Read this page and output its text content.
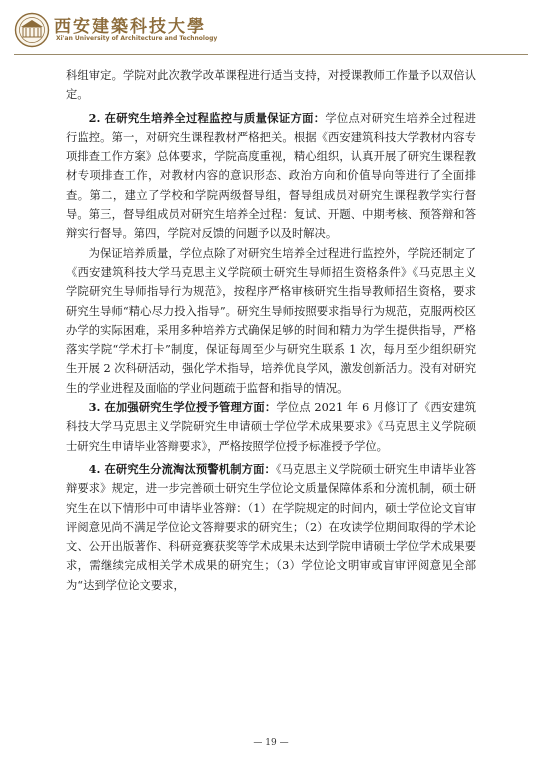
西安建築科技大學
Xi'an University of Architecture and Technology

科组审定。学院对此次教学改革课程进行适当支持，对授课教师工作量予以双倍认定。

2. 在研究生培养全过程监控与质量保证方面：学位点对研究生培养全过程进行监控。第一，对研究生课程教材严格把关。根据《西安建筑科技大学教材内容专项排查工作方案》总体要求，学院高度重视，精心组织，认真开展了研究生课程教材专项排查工作，对教材内容的意识形态、政治方向和价值导向等进行了全面排查。第二，建立了学校和学院两级督导组，督导组成员对研究生课程教学实行督导。第三，督导组成员对研究生培养全过程：复试、开题、中期考核、预答辩和答辩实行督导。第四，学院对反馈的问题予以及时解决。

为保证培养质量，学位点除了对研究生培养全过程进行监控外，学院还制定了《西安建筑科技大学马克思主义学院硕士研究生导师招生资格条件》《马克思主义学院研究生导师指导行为规范》，按程序严格审核研究生指导教师招生资格，要求研究生导师“精心尽力投入指导”。研究生导师按照要求指导行为规范，克服两校区办学的实际困难，采用多种培养方式确保足够的时间和精力为学生提供指导，严格落实学院“学术打卡”制度，保证每周至少与研究生联系 1 次，每月至少组织研究生开展 2 次科研活动，强化学术指导，培养优良学风，激发创新活力。没有对研究生的学业进程及面临的学业问题疏于监督和指导的情况。

3. 在加强研究生学位授予管理方面：学位点 2021 年 6 月修订了《西安建筑科技大学马克思主义学院研究生申请硕士学位学术成果要求》《马克思主义学院硕士研究生申请毕业答辩要求》，严格按照学位授予标准授予学位。

4. 在研究生分流淘汰预警机制方面：《马克思主义学院硕士研究生申请毕业答辩要求》规定，进一步完善硕士研究生学位论文质量保障体系和分流机制，硕士研究生在以下情形中可申请毕业答辩：（1）在学院规定的时间内，硕士学位论文盲审评阅意见尚不满足学位论文答辩要求的研究生；（2）在攻读学位期间取得的学术论文、公开出版著作、科研竞赛获奖等学术成果未达到学院申请硕士学位学术成果要求，需继续完成相关学术成果的研究生；（3）学位论文明审或盲审评阅意见全部为“达到学位论文要求，

— 19 —
